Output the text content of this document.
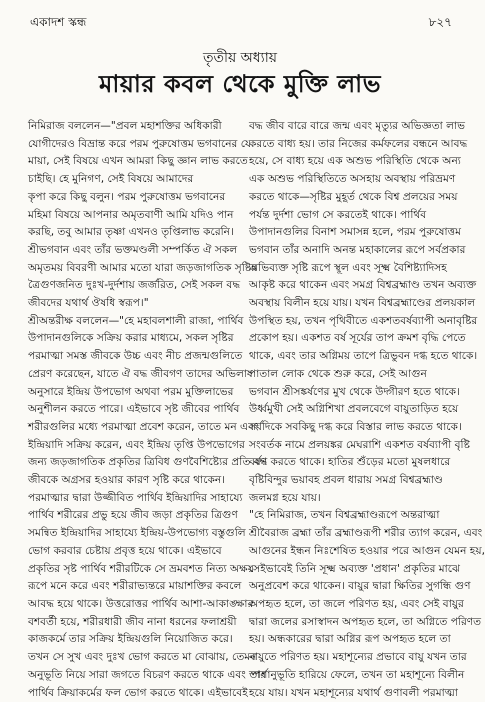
একাদশ স্কন্ধ	৮২৭
তৃতীয় অধ্যায়
মায়ার কবল থেকে মুক্তি লাভ
নিমিরাজ বললেন—"প্রবল মহাশক্তির অধিকারী
যোগীদেরও বিভ্রান্ত করে পরম পুরুষোত্তম ভগবানের যে
মায়া, সেই বিষয়ে এখন আমরা কিছু জ্ঞান লাভ করতে
চাইছি। হে মুনিগণ, সেই বিষয়ে আমাদের
কৃপা করে কিছু বলুন। পরম পুরুষোত্তম ভগবানের
মহিমা বিষয়ে আপনার অমৃতবাণী আমি যদিও পান
করছি, তবু আমার তৃষ্ণা এখনও তৃপ্তিলাভ করেনি।
শ্রীভগবান এবং তাঁর ভক্তমণ্ডলী সম্পর্কিত ঐ সকল
অমৃতময় বিবরণী আমার মতো যারা জড়জাগতিক সৃষ্টির
ত্রৈগুণজনিত দুঃখ-দুর্দশায় জর্জরিত, সেই সকল বদ্ধ
জীবদের যথার্থ ঔষধি স্বরূপ।"
শ্রীঅন্তরীক্ষ বললেন—"হে মহাবলশালী রাজা, পার্থিব
উপাদানগুলিকে সক্রিয় করার মাধ্যমে, সকল সৃষ্টির
পরমাত্মা সমস্ত জীবকে উচ্চ এবং নীচ প্রজন্মগুলিতে
প্রেরণ করেছেন, যাতে ঐ বদ্ধ জীবগণ তাদের অভিলাষ
অনুসারে ইন্দ্রিয় উপভোগ অথবা পরম মুক্তিলাভের
অনুশীলন করতে পারে। এইভাবে সৃষ্ট জীবের পার্থিব
শরীরগুলির মধ্যে পরমাত্মা প্রবেশ করেন, তাতে মন এবং
ইন্দ্রিয়াদি সক্রিয় করেন, এবং ইন্দ্রিয় তৃপ্তি উপভোগের
জন্য জড়জাগতিক প্রকৃতির ত্রিবিধ গুণবৈশিষ্ট্যের প্রতি বদ্ধ
জীবকে অগ্রসর হওয়ার কারণ সৃষ্টি করে থাকেন।
পরমাত্মার দ্বারা উজ্জীবিত পার্থিব ইন্দ্রিয়াদির সাহায্যে
পার্থিব শরীরের প্রভু হয়ে জীব জড়া প্রকৃতির ত্রিগুণ
সমন্বিত ইন্দ্রিয়াদির সাহায্যে ইন্দ্রিয়-উপভোগ্য বস্তুগুলি
ভোগ করবার চেষ্টায় প্রবৃত্ত হয়ে থাকে। এইভাবে
প্রকৃতির সৃষ্ট পার্থিব শরীরটিকে সে ভ্রমবশত নিত্য অক্ষয়
রূপে মনে করে এবং শরীরাভ্যন্তরে মায়াশক্তির কবলে
আবদ্ধ হয়ে থাকে। উত্তরোত্তর পার্থিব আশা-আকাঙ্ক্ষার
বশবর্তী হয়ে, শরীরধারী জীব নানা ধরনের ফলাশ্রয়ী
কাজকর্মে তার সক্রিয় ইন্দ্রিয়গুলি নিয়োজিত করে।
তখন সে সুখ এবং দুঃখ ভোগ করতে মা বোঝায়, তেমন
অনুভূতি নিয়ে সারা জগতে বিচরণ করতে থাকে এবং তার
পার্থিব ক্রিয়াকর্মের ফল ভোগ করতে থাকে। এইভাবেই
বদ্ধ জীব বারে বারে জন্ম এবং মৃত্যুর অভিজ্ঞতা লাভ
করতে বাধ্য হয়। তার নিজের কর্মফলের বন্ধনে আবদ্ধ
হয়ে, সে বাধ্য হয়ে এক অশুভ পরিস্থিতি থেকে অন্য
এক অশুভ পরিস্থিতিতে অসহায় অবস্থায় পরিভ্রমণ
করতে থাকে—সৃষ্টির মুহূর্ত থেকে বিশ্ব প্রলয়ের সময়
পর্যন্ত দুর্দশা ভোগ সে করতেই থাকে। পার্থিব
উপাদানগুলির বিনাশ সমাসন্ন হলে, পরম পুরুষোত্তম
ভগবান তাঁর অনাদি অনন্ত মহাকালের রূপে সর্বপ্রকার
অভিব্যক্ত সৃষ্টি রূপে স্থূল এবং সূক্ষ্ম বৈশিষ্ট্যাদিসহ
আকৃষ্ট করে থাকেন এবং সমগ্র বিশ্বব্রহ্মাণ্ড তখন অব্যক্ত
অবস্থায় বিলীন হয়ে যায়। যখন বিশ্বব্রহ্মাণ্ডের প্রলয়কাল
উপস্থিত হয়, তখন পৃথিবীতে একশতবর্ষব্যাপী অনাবৃষ্টির
প্রকোপ হয়। একশত বর্ষ সূর্যের তাপ ক্রমশ বৃদ্ধি পেতে
থাকে, এবং তার অগ্নিময় তাপে ত্রিভুবন দগ্ধ হতে থাকে।
পাতাল লোক থেকে শুরু করে, সেই আগুন
ভগবান শ্রীসঙ্কর্ষণের মুখ থেকে উদ্গীরণ হতে থাকে।
উর্ধ্বমুখী সেই অগ্নিশিখা প্রবলবেগে বায়ুতাড়িত হয়ে
সর্বদিকে সবকিছু দগ্ধ করে বিস্তার লাভ করতে থাকে।
সংবর্তক নামে প্রলয়ঙ্কর মেঘরাশি একশত বর্ষব্যাপী বৃষ্টি
বর্ষণ করতে থাকে। হাতির শুঁড়ের মতো মুষলধারে
বৃষ্টিবিন্দুর ভয়াবহ প্রবল ধারায় সমগ্র বিশ্বব্রহ্মাণ্ড
জলমগ্ন হয়ে যায়।
"হে নিমিরাজ, তখন বিশ্বব্রহ্মাণ্ডরূপে অন্তরাত্মা
শ্রীবৈরাজ ব্রহ্মা তাঁর ব্রহ্মাণ্ডরূপী শরীর ত্যাগ করেন, এবং
আগুনের ইন্ধন নিঃশেষিত হওয়ার পরে আগুন যেমন হয়,
সেইভাবেই তিনি সূক্ষ্ম অব্যক্ত 'প্রধান' প্রকৃতির মাঝে
অনুপ্রবেশ করে থাকেন। বায়ুর দ্বারা ক্ষিতির সুগন্ধি গুণ
অপহৃত হলে, তা জলে পরিণত হয়, এবং সেই বায়ুর
দ্বারা জলের রসাস্বাদন অপহৃত হলে, তা অগ্নিতে পরিণত
হয়। অন্ধকারের দ্বারা অগ্নির রূপ অপহৃত হলে তা
বায়ুতে পরিণত হয়। মহাশূন্যের প্রভাবে বায়ু যখন তার
স্পর্শানুভূতি হারিয়ে ফেলে, তখন তা মহাশূন্যে বিলীন
হয়ে যায়। যখন মহাশূন্যের যথার্থ গুণাবলী পরমাত্মা
